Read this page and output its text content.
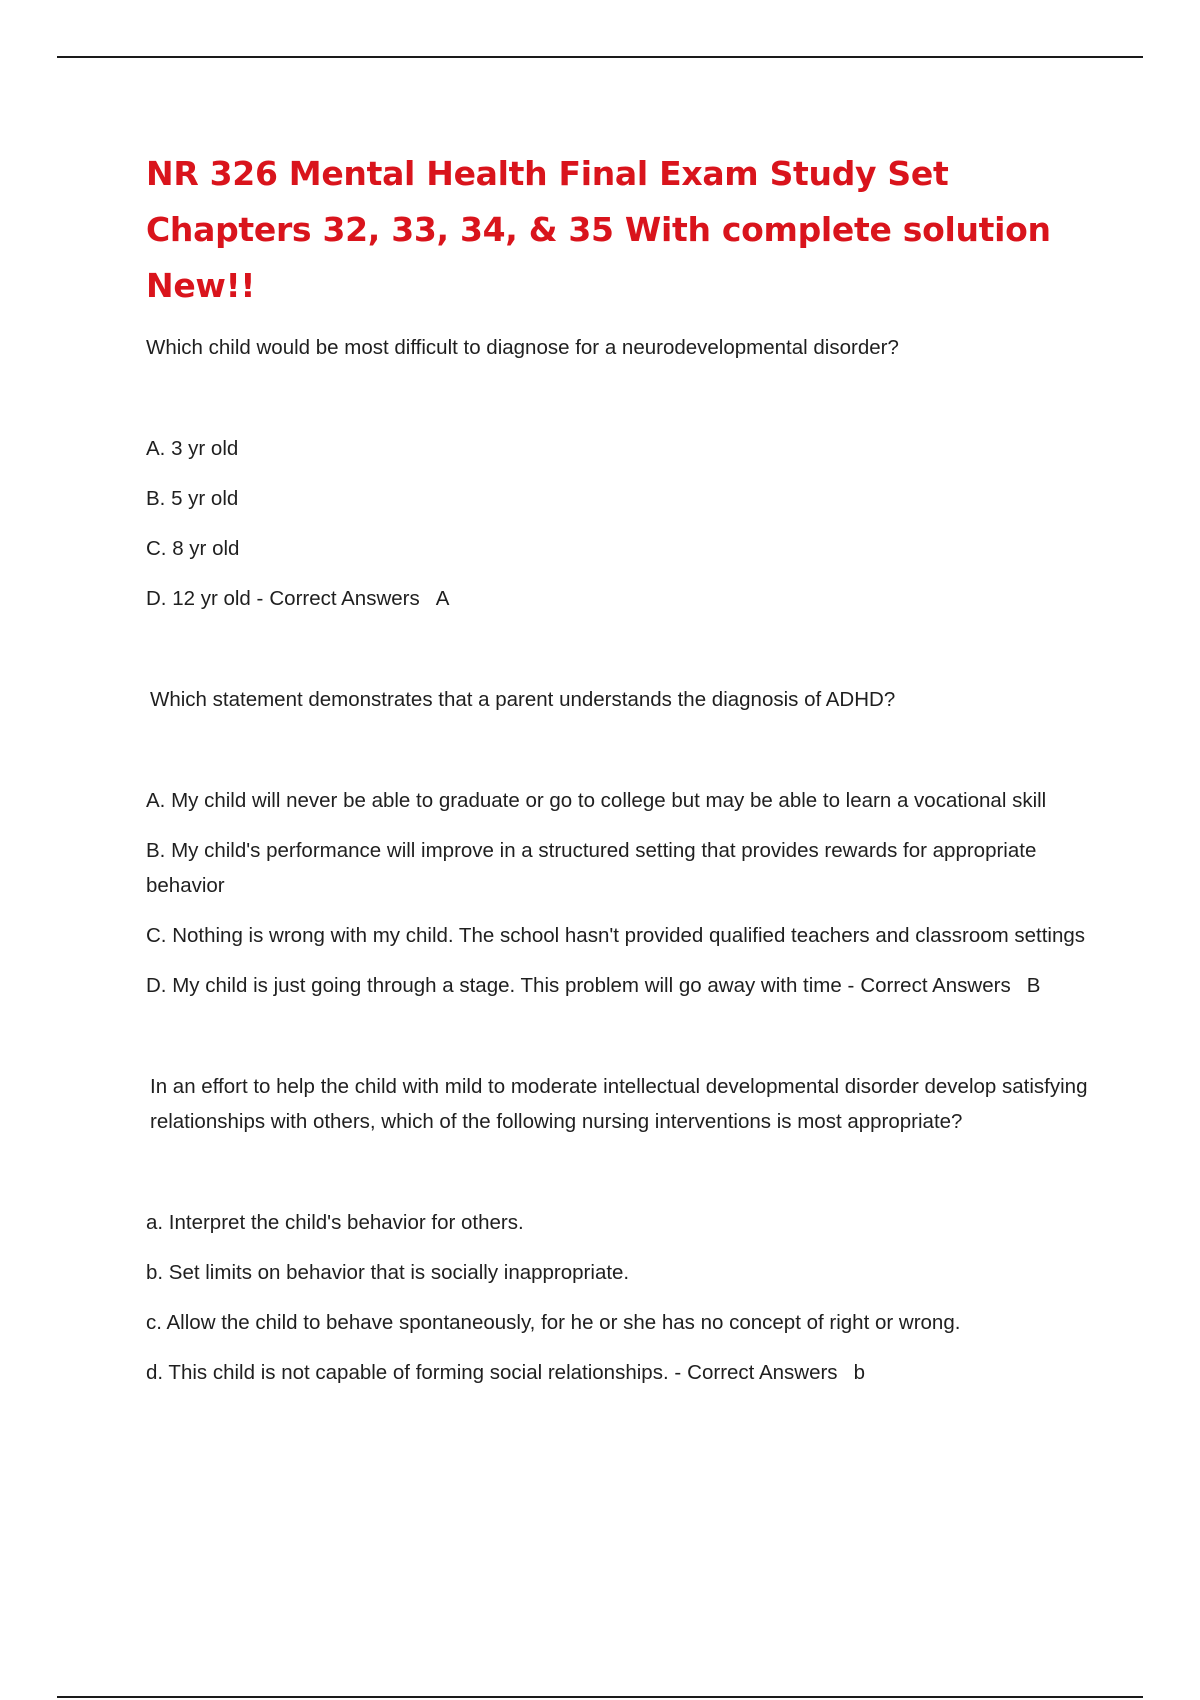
NR 326 Mental Health Final Exam Study Set Chapters 32, 33, 34, & 35 With complete solution New!!

Which child would be most difficult to diagnose for a neurodevelopmental disorder?

A. 3 yr old

B. 5 yr old

C. 8 yr old

D. 12 yr old - Correct Answers A

Which statement demonstrates that a parent understands the diagnosis of ADHD?

A. My child will never be able to graduate or go to college but may be able to learn a vocational skill

B. My child's performance will improve in a structured setting that provides rewards for appropriate behavior

C. Nothing is wrong with my child. The school hasn't provided qualified teachers and classroom settings

D. My child is just going through a stage. This problem will go away with time - Correct Answers B

In an effort to help the child with mild to moderate intellectual developmental disorder develop satisfying relationships with others, which of the following nursing interventions is most appropriate?

a. Interpret the child's behavior for others.

b. Set limits on behavior that is socially inappropriate.

c. Allow the child to behave spontaneously, for he or she has no concept of right or wrong.

d. This child is not capable of forming social relationships. - Correct Answers b
